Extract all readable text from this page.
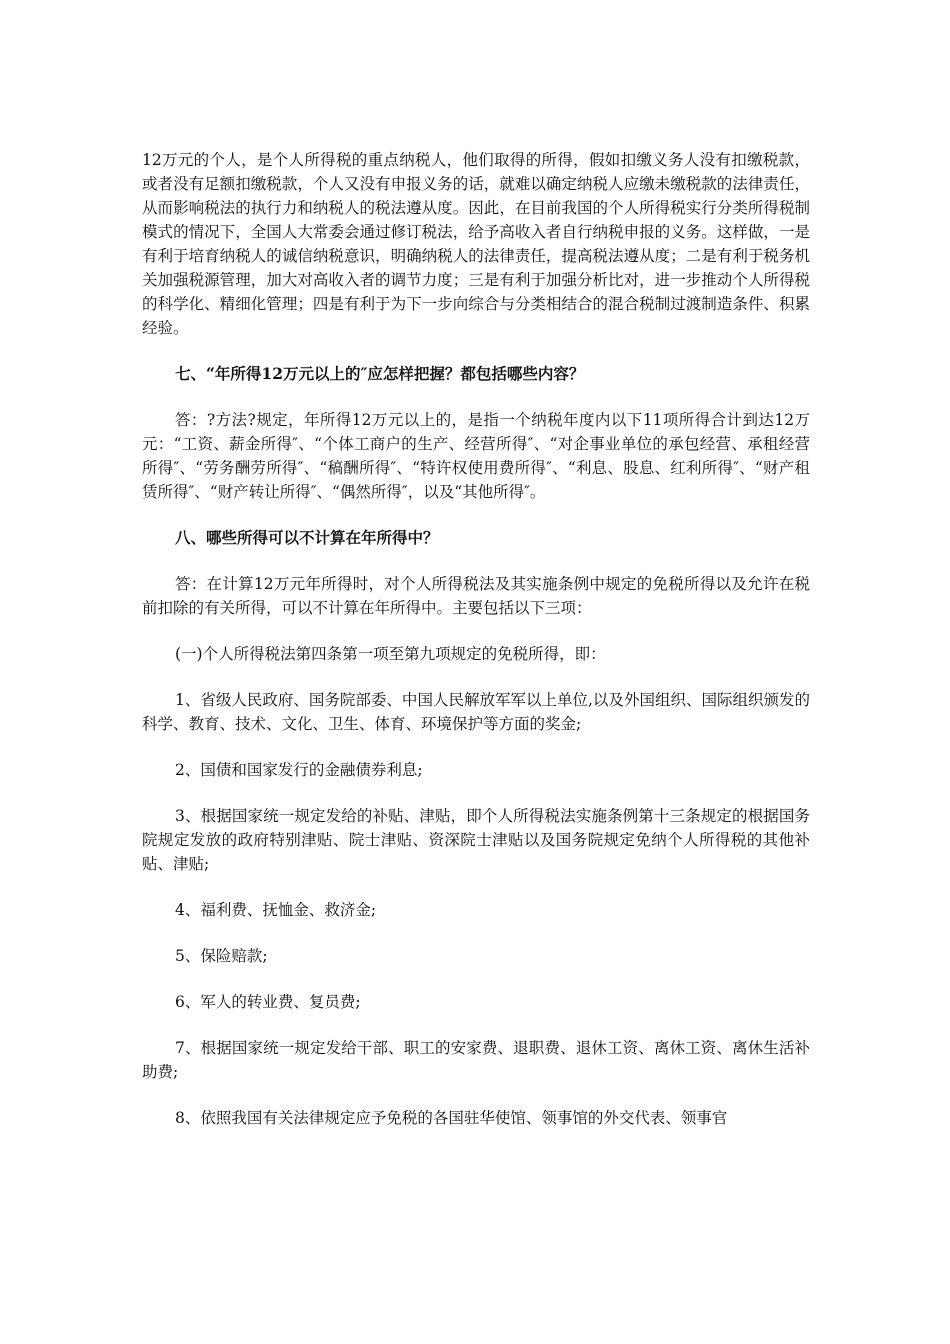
12万元的个人，是个人所得税的重点纳税人，他们取得的所得，假如扣缴义务人没有扣缴税款，或者没有足额扣缴税款，个人又没有申报义务的话，就难以确定纳税人应缴未缴税款的法律责任，从而影响税法的执行力和纳税人的税法遵从度。因此，在目前我国的个人所得税实行分类所得税制模式的情况下，全国人大常委会通过修订税法，给予高收入者自行纳税申报的义务。这样做，一是有利于培育纳税人的诚信纳税意识，明确纳税人的法律责任，提高税法遵从度；二是有利于税务机关加强税源管理，加大对高收入者的调节力度；三是有利于加强分析比对，进一步推动个人所得税的科学化、精细化管理；四是有利于为下一步向综合与分类相结合的混合税制过渡制造条件、积累经验。

七、“年所得12万元以上的″应怎样把握？都包括哪些内容？

答：?方法?规定，年所得12万元以上的，是指一个纳税年度内以下11项所得合计到达12万元：“工资、薪金所得″、“个体工商户的生产、经营所得″、“对企事业单位的承包经营、承租经营所得″、“劳务酬劳所得″、“稿酬所得″、“特许权使用费所得″、“利息、股息、红利所得″、“财产租赁所得″、“财产转让所得″、“偶然所得″，以及“其他所得″。

八、哪些所得可以不计算在年所得中？

答：在计算12万元年所得时，对个人所得税法及其实施条例中规定的免税所得以及允许在税前扣除的有关所得，可以不计算在年所得中。主要包括以下三项：

(一)个人所得税法第四条第一项至第九项规定的免税所得，即：

1、省级人民政府、国务院部委、中国人民解放军军以上单位,以及外国组织、国际组织颁发的科学、教育、技术、文化、卫生、体育、环境保护等方面的奖金;

2、国债和国家发行的金融债券利息;

3、根据国家统一规定发给的补贴、津贴，即个人所得税法实施条例第十三条规定的根据国务院规定发放的政府特别津贴、院士津贴、资深院士津贴以及国务院规定免纳个人所得税的其他补贴、津贴;

4、福利费、抚恤金、救济金;

5、保险赔款;

6、军人的转业费、复员费;

7、根据国家统一规定发给干部、职工的安家费、退职费、退休工资、离休工资、离休生活补助费;

8、依照我国有关法律规定应予免税的各国驻华使馆、领事馆的外交代表、领事官
